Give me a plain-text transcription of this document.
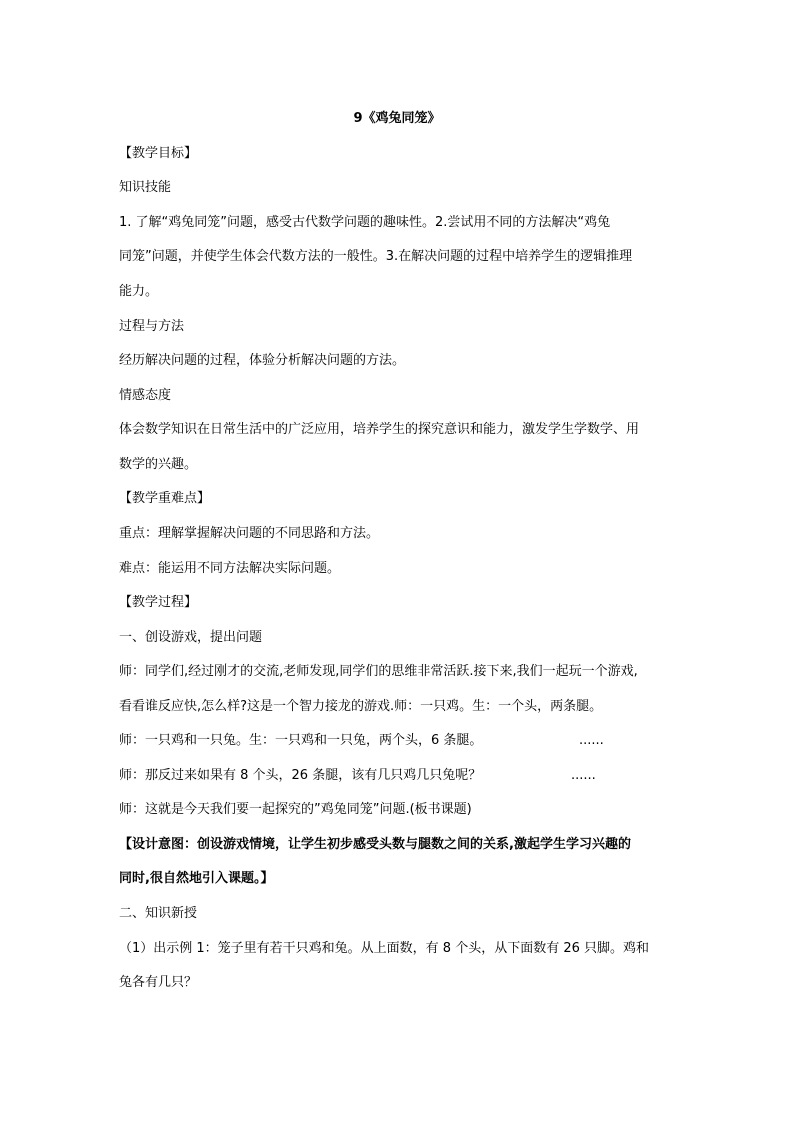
9《鸡兔同笼》
【教学目标】
知识技能
1. 了解“鸡兔同笼”问题，感受古代数学问题的趣味性。2.尝试用不同的方法解决“鸡兔
同笼”问题，并使学生体会代数方法的一般性。3.在解决问题的过程中培养学生的逻辑推理
能力。
过程与方法
经历解决问题的过程，体验分析解决问题的方法。
情感态度
体会数学知识在日常生活中的广泛应用，培养学生的探究意识和能力，激发学生学数学、用
数学的兴趣。
【教学重难点】
重点：理解掌握解决问题的不同思路和方法。
难点：能运用不同方法解决实际问题。
【教学过程】
一、创设游戏，提出问题
师：同学们,经过刚才的交流,老师发现,同学们的思维非常活跃.接下来,我们一起玩一个游戏,
看看谁反应快,怎么样?这是一个智力接龙的游戏.师：一只鸡。生：一个头，两条腿。
师：一只鸡和一只兔。生：一只鸡和一只兔，两个头，6 条腿。	......
师：那反过来如果有 8 个头，26 条腿，该有几只鸡几只兔呢？	......
师：这就是今天我们要一起探究的”鸡兔同笼”问题.(板书课题)
【设计意图：创设游戏情境，让学生初步感受头数与腿数之间的关系,激起学生学习兴趣的
同时,很自然地引入课题。】
二、知识新授
（1）出示例 1：笼子里有若干只鸡和兔。从上面数，有 8 个头，从下面数有 26 只脚。鸡和
兔各有几只？
